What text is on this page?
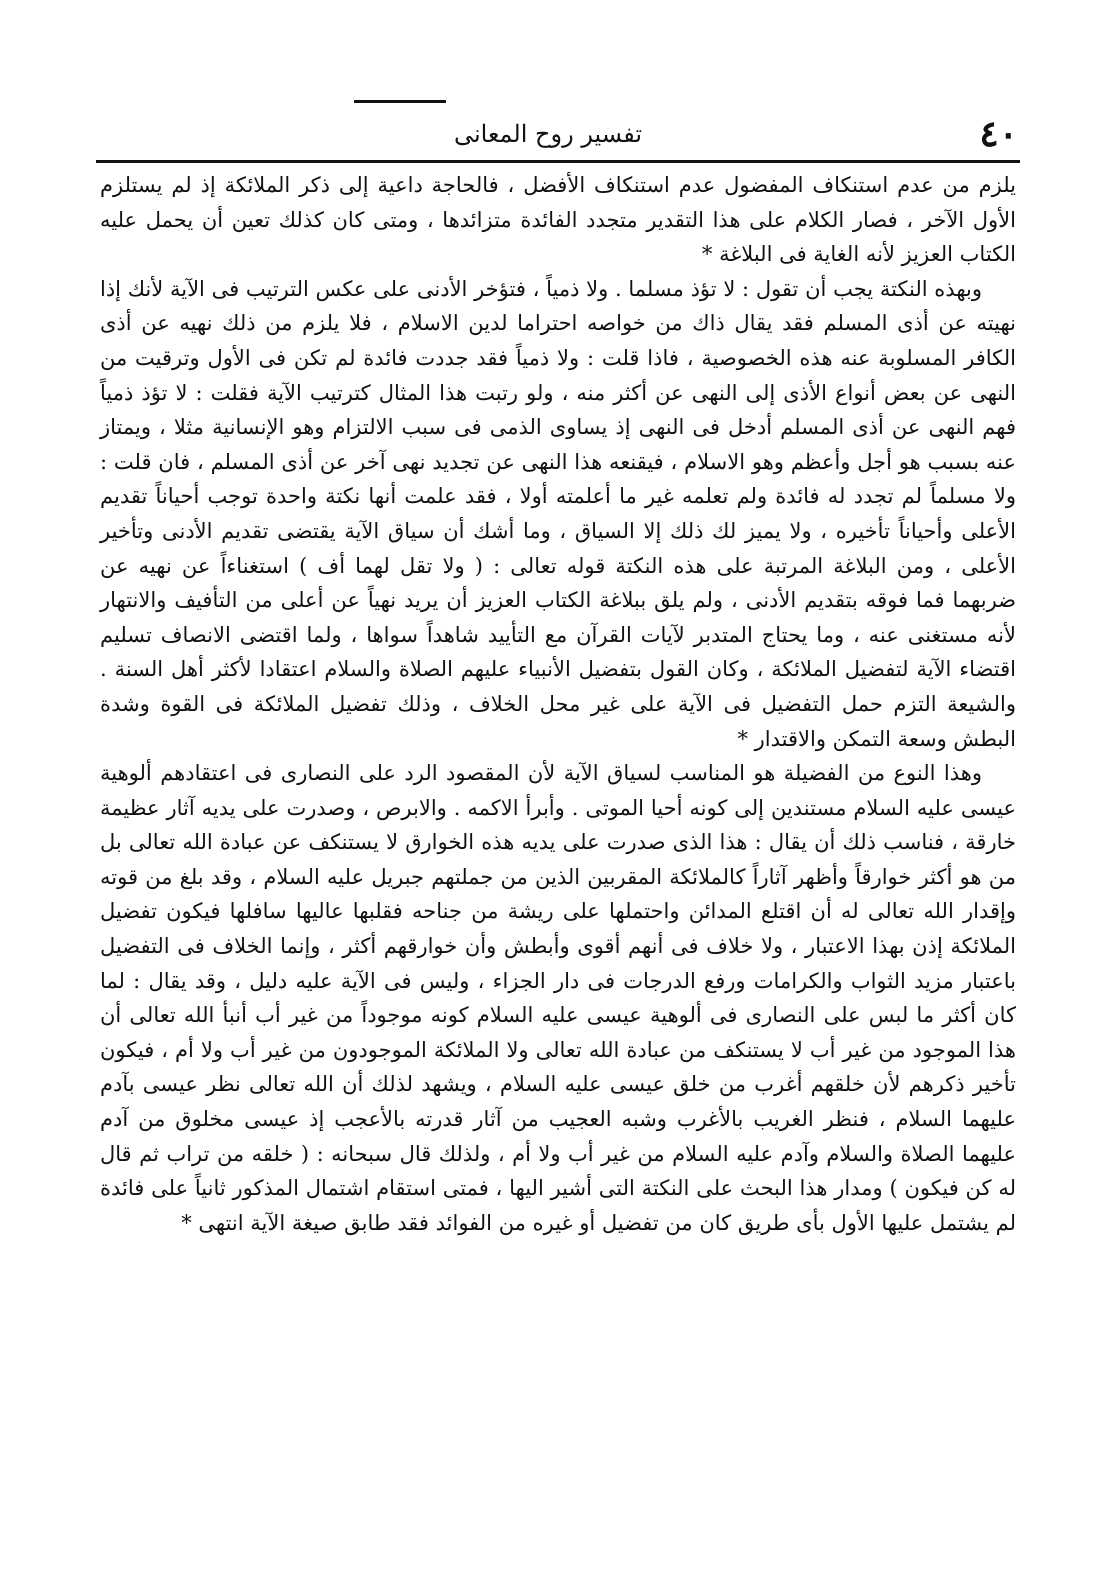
٤٠
تفسير روح المعانى

يلزم من عدم استنكاف المفضول عدم استنكاف الأفضل ، فالحاجة داعية إلى ذكر الملائكة إذ لم يستلزم الأول الآخر ، فصار الكلام على هذا التقدير متجدد الفائدة متزائدها ، ومتى كان كذلك تعين أن يحمل عليه الكتاب العزيز لأنه الغاية فى البلاغة *

وبهذه النكتة يجب أن تقول : لا تؤذ مسلما . ولا ذمياً ، فتؤخر الأدنى على عكس الترتيب فى الآية لأنك إذا نهيته عن أذى المسلم فقد يقال ذاك من خواصه احتراما لدين الاسلام ، فلا يلزم من ذلك نهيه عن أذى الكافر المسلوبة عنه هذه الخصوصية ، فاذا قلت : ولا ذمياً فقد جددت فائدة لم تكن فى الأول وترقيت من النهى عن بعض أنواع الأذى إلى النهى عن أكثر منه ، ولو رتبت هذا المثال كترتيب الآية فقلت : لا تؤذ ذمياً فهم النهى عن أذى المسلم أدخل فى النهى إذ يساوى الذمى فى سبب الالتزام وهو الإنسانية مثلا ، ويمتاز عنه بسبب هو أجل وأعظم وهو الاسلام ، فيقنعه هذا النهى عن تجديد نهى آخر عن أذى المسلم ، فان قلت : ولا مسلماً لم تجدد له فائدة ولم تعلمه غير ما أعلمته أولا ، فقد علمت أنها نكتة واحدة توجب أحياناً تقديم الأعلى وأحياناً تأخيره ، ولا يميز لك ذلك إلا السياق ، وما أشك أن سياق الآية يقتضى تقديم الأدنى وتأخير الأعلى ، ومن البلاغة المرتبة على هذه النكتة قوله تعالى : ( ولا تقل لهما أف ) استغناءاً عن نهيه عن ضربهما فما فوقه بتقديم الأدنى ، ولم يلق ببلاغة الكتاب العزيز أن يريد نهياً عن أعلى من التأفيف والانتهار لأنه مستغنى عنه ، وما يحتاج المتدبر لآيات القرآن مع التأييد شاهداً سواها ، ولما اقتضى الانصاف تسليم اقتضاء الآية لتفضيل الملائكة ، وكان القول بتفضيل الأنبياء عليهم الصلاة والسلام اعتقادا لأكثر أهل السنة . والشيعة التزم حمل التفضيل فى الآية على غير محل الخلاف ، وذلك تفضيل الملائكة فى القوة وشدة البطش وسعة التمكن والاقتدار *

وهذا النوع من الفضيلة هو المناسب لسياق الآية لأن المقصود الرد على النصارى فى اعتقادهم ألوهية عيسى عليه السلام مستندين إلى كونه أحيا الموتى . وأبرأ الاكمه . والابرص ، وصدرت على يديه آثار عظيمة خارقة ، فناسب ذلك أن يقال : هذا الذى صدرت على يديه هذه الخوارق لا يستنكف عن عبادة الله تعالى بل من هو أكثر خوارقاً وأظهر آثاراً كالملائكة المقربين الذين من جملتهم جبريل عليه السلام ، وقد بلغ من قوته وإقدار الله تعالى له أن اقتلع المدائن واحتملها على ريشة من جناحه فقلبها عاليها سافلها فيكون تفضيل الملائكة إذن بهذا الاعتبار ، ولا خلاف فى أنهم أقوى وأبطش وأن خوارقهم أكثر ، وإنما الخلاف فى التفضيل باعتبار مزيد الثواب والكرامات ورفع الدرجات فى دار الجزاء ، وليس فى الآية عليه دليل ، وقد يقال : لما كان أكثر ما لبس على النصارى فى ألوهية عيسى عليه السلام كونه موجوداً من غير أب أنبأ الله تعالى أن هذا الموجود من غير أب لا يستنكف من عبادة الله تعالى ولا الملائكة الموجودون من غير أب ولا أم ، فيكون تأخير ذكرهم لأن خلقهم أغرب من خلق عيسى عليه السلام ، ويشهد لذلك أن الله تعالى نظر عيسى بآدم عليهما السلام ، فنظر الغريب بالأغرب وشبه العجيب من آثار قدرته بالأعجب إذ عيسى مخلوق من آدم عليهما الصلاة والسلام وآدم عليه السلام من غير أب ولا أم ، ولذلك قال سبحانه : ( خلقه من تراب ثم قال له كن فيكون ) ومدار هذا البحث على النكتة التى أشير اليها ، فمتى استقام اشتمال المذكور ثانياً على فائدة لم يشتمل عليها الأول بأى طريق كان من تفضيل أو غيره من الفوائد فقد طابق صيغة الآية انتهى *
